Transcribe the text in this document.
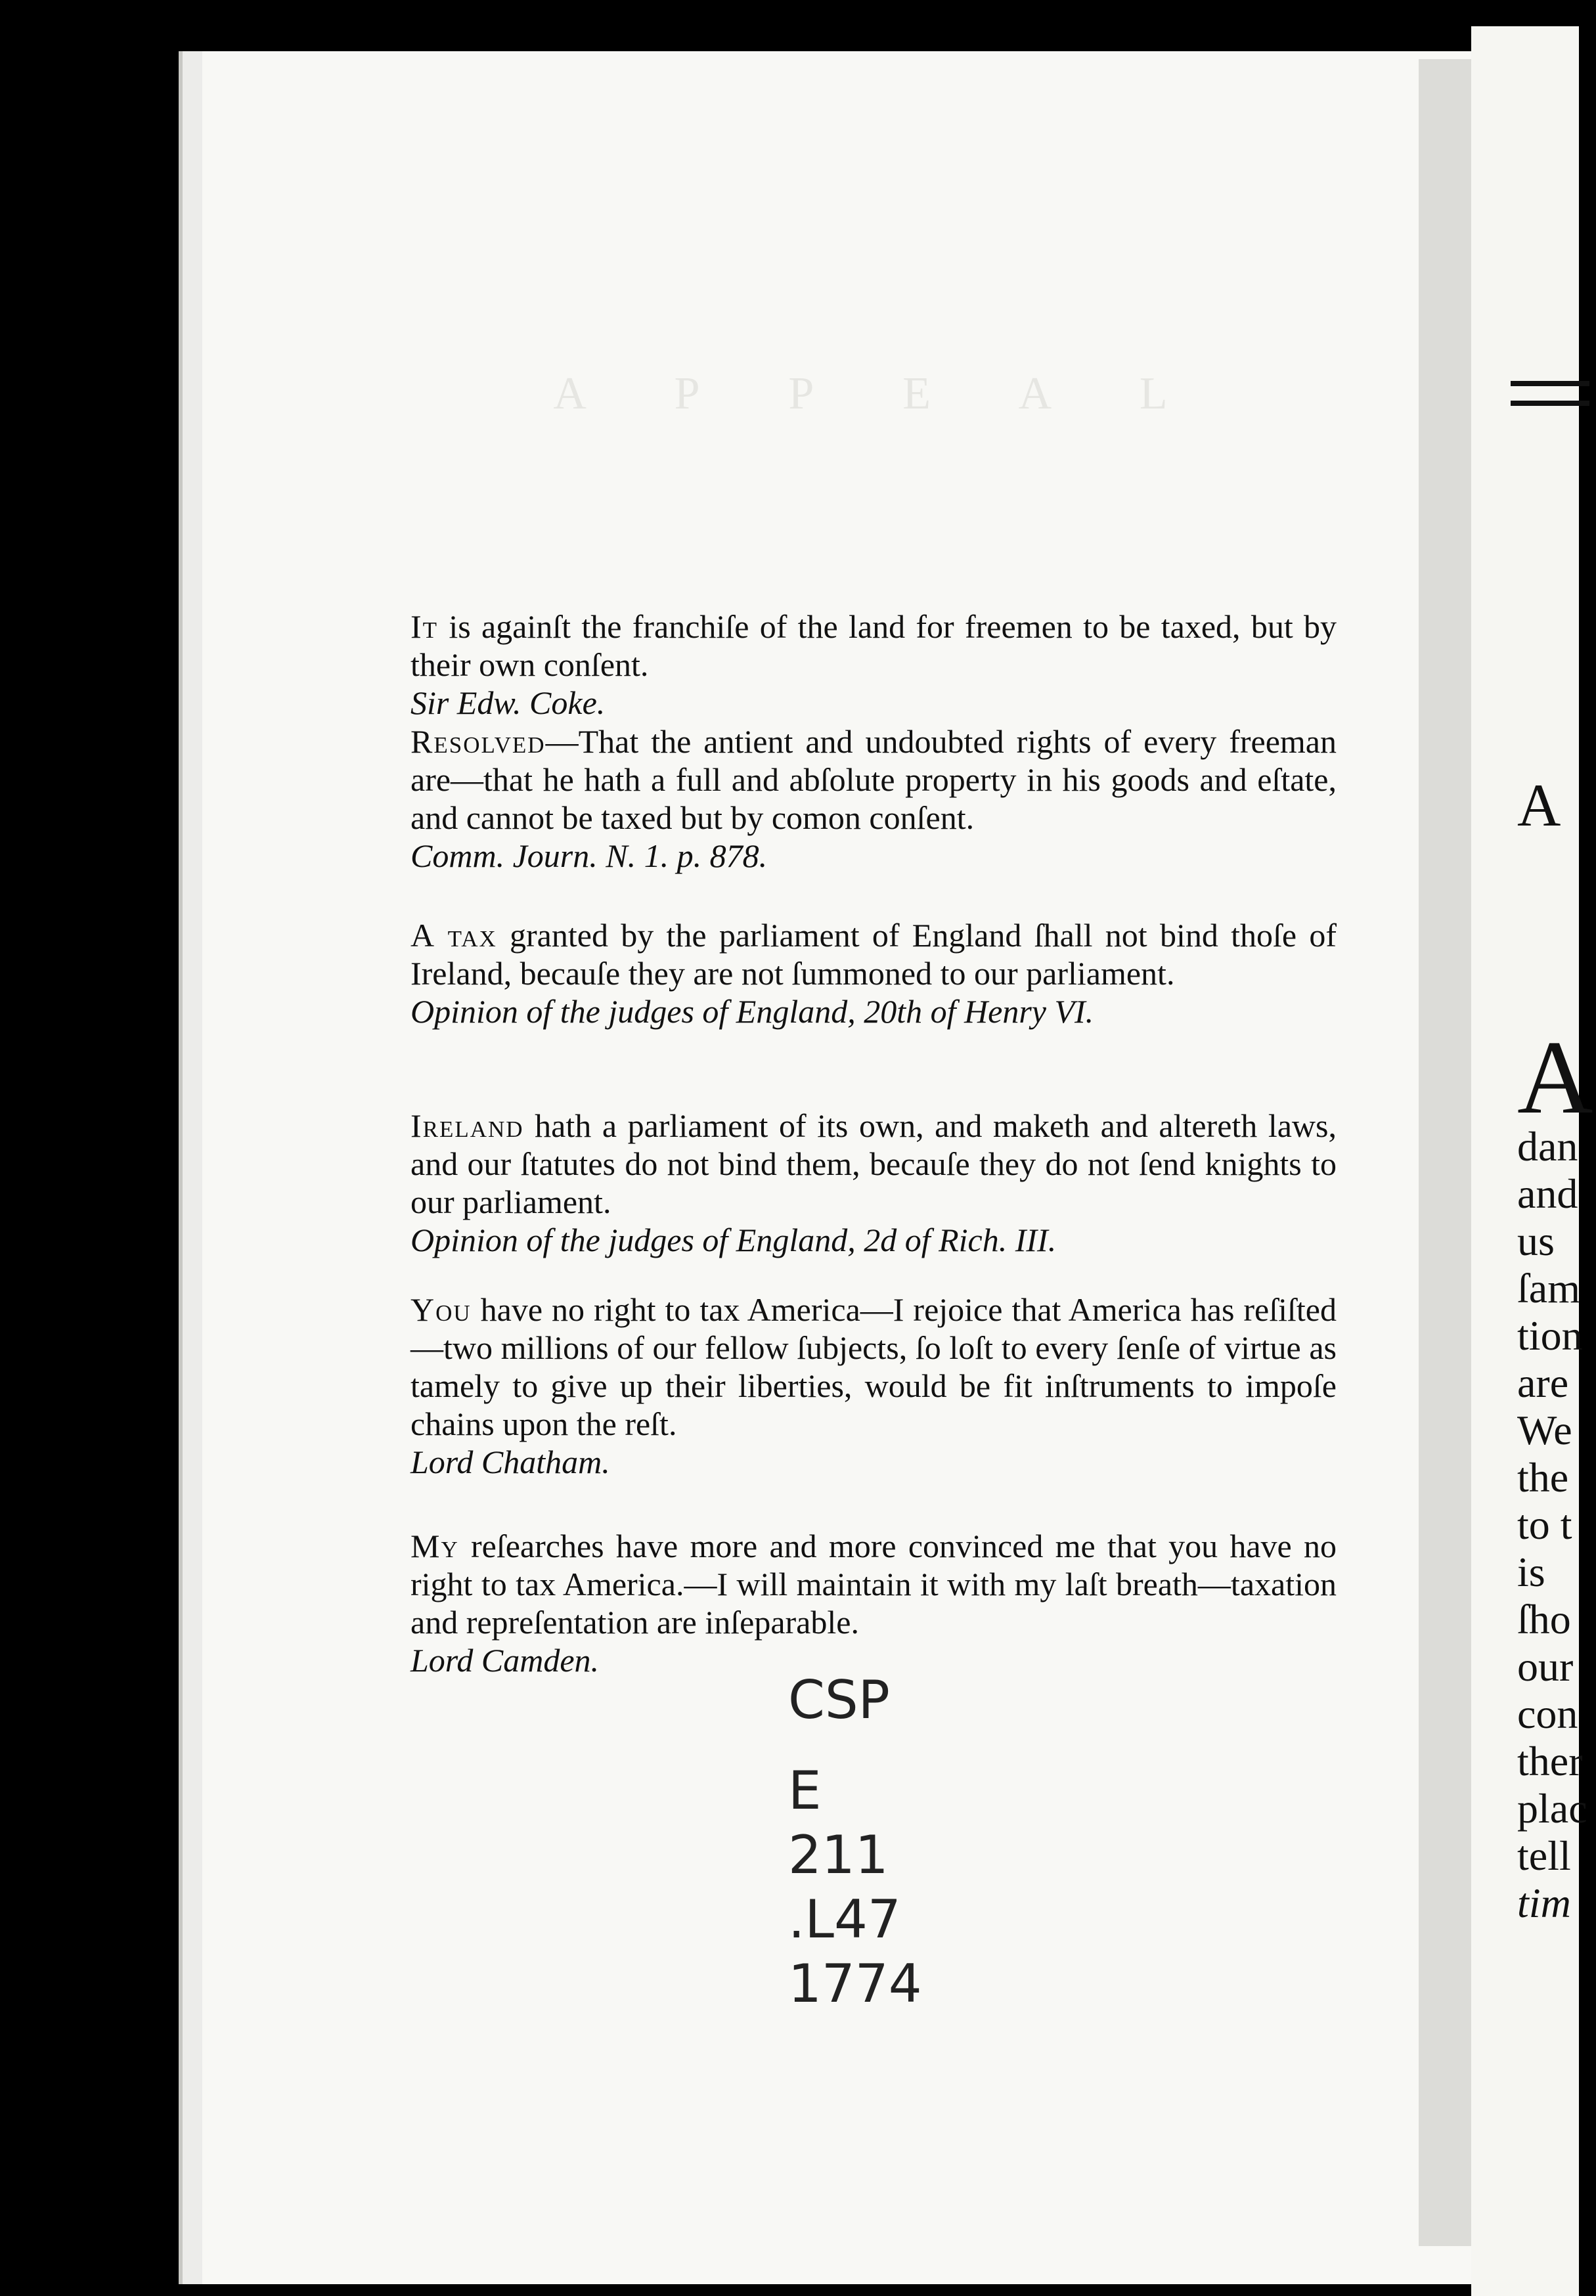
A P P E A L

It is againſt the franchiſe of the land for freemen to be taxed, but by their own conſent.

Sir Edw. Coke.

Resolved—That the antient and undoubted rights of every freeman are—that he hath a full and abſolute property in his goods and eſtate, and cannot be taxed but by comon conſent.

Comm. Journ. N. 1. p. 878.

A tax granted by the parliament of England ſhall not bind thoſe of Ireland, becauſe they are not ſummoned to our parliament.

Opinion of the judges of England, 20th of Henry VI.

Ireland hath a parliament of its own, and maketh and altereth laws, and our ſtatutes do not bind them, becauſe they do not ſend knights to our parliament.

Opinion of the judges of England, 2d of Rich. III.

You have no right to tax America—I rejoice that America has reſiſted—two millions of our fellow ſubjects, ſo loſt to every ſenſe of virtue as tamely to give up their liberties, would be fit inſtruments to impoſe chains upon the reſt.

Lord Chatham.

My reſearches have more and more convinced me that you have no right to tax America.—I will maintain it with my laſt breath—taxation and repreſentation are inſeparable.

Lord Camden.

CSP
E
211
.L47
1774
A
A
dan
and
us
ſam
tion
are
We
the
to t
is
ſho
our
con
ther
plac
tell
tim
